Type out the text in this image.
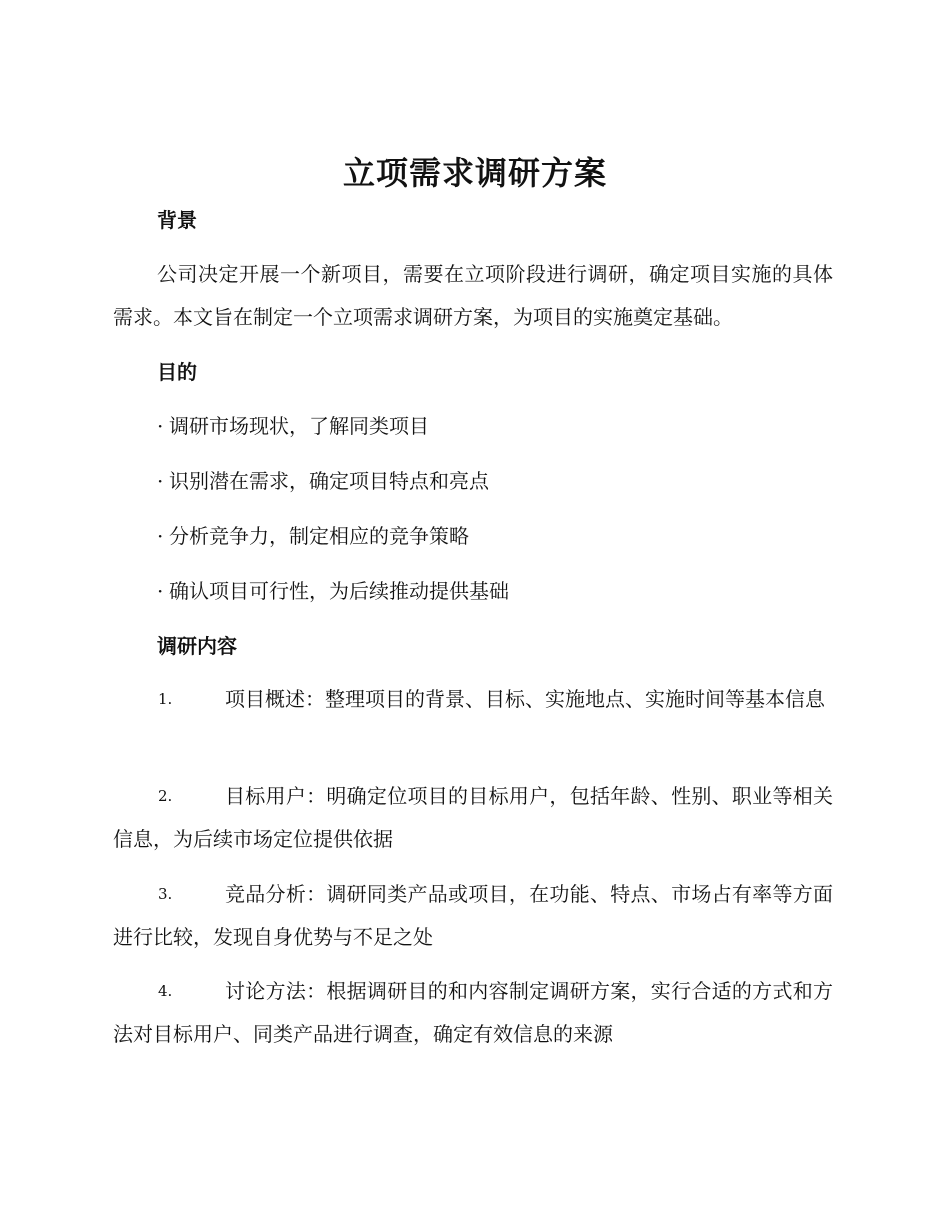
立项需求调研方案
背景

公司决定开展一个新项目，需要在立项阶段进行调研，确定项目实施的具体需求。本文旨在制定一个立项需求调研方案，为项目的实施奠定基础。

目的
· 调研市场现状，了解同类项目
· 识别潜在需求，确定项目特点和亮点
· 分析竞争力，制定相应的竞争策略
· 确认项目可行性，为后续推动提供基础
调研内容
1.	项目概述：整理项目的背景、目标、实施地点、实施时间等基本信息
2.	目标用户：明确定位项目的目标用户，包括年龄、性别、职业等相关信息，为后续市场定位提供依据
3.	竞品分析：调研同类产品或项目，在功能、特点、市场占有率等方面进行比较，发现自身优势与不足之处
4.	讨论方法：根据调研目的和内容制定调研方案，实行合适的方式和方法对目标用户、同类产品进行调查，确定有效信息的来源
